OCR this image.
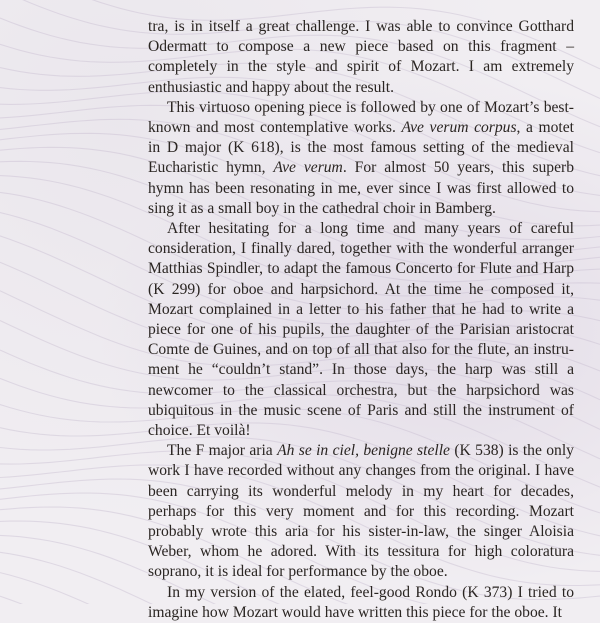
tra, is in itself a great challenge. I was able to convince Gotthard Odermatt to compose a new piece based on this fragment – completely in the style and spirit of Mozart. I am extremely enthusiastic and happy about the result.

This virtuoso opening piece is followed by one of Mozart’s best-known and most contemplative works. Ave verum corpus, a motet in D major (K 618), is the most famous setting of the medieval Eucharistic hymn, Ave verum. For almost 50 years, this superb hymn has been resonating in me, ever since I was first allowed to sing it as a small boy in the cathedral choir in Bamberg.

After hesitating for a long time and many years of careful consideration, I finally dared, together with the wonderful arranger Matthias Spindler, to adapt the famous Concerto for Flute and Harp (K 299) for oboe and harpsichord. At the time he composed it, Mozart complained in a letter to his father that he had to write a piece for one of his pupils, the daughter of the Parisian aristocrat Comte de Guines, and on top of all that also for the flute, an instrument he “couldn’t stand”. In those days, the harp was still a newcomer to the classical orchestra, but the harpsichord was ubiquitous in the music scene of Paris and still the instrument of choice. Et voilà!

The F major aria Ah se in ciel, benigne stelle (K 538) is the only work I have recorded without any changes from the original. I have been carrying its wonderful melody in my heart for decades, perhaps for this very moment and for this recording. Mozart probably wrote this aria for his sister-in-law, the singer Aloisia Weber, whom he adored. With its tessitura for high coloratura soprano, it is ideal for performance by the oboe.

In my version of the elated, feel-good Rondo (K 373) I tried to imagine how Mozart would have written this piece for the oboe. It
